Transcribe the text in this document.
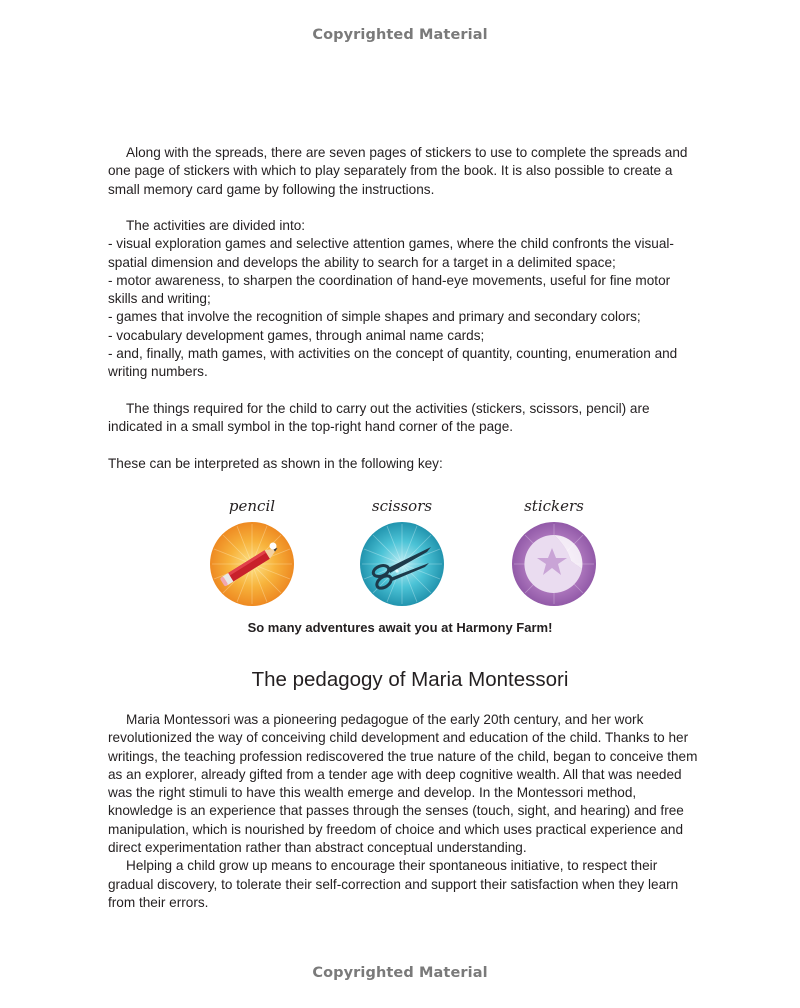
Copyrighted Material

Along with the spreads, there are seven pages of stickers to use to complete the spreads and one page of stickers with which to play separately from the book. It is also possible to create a small memory card game by following the instructions.

The activities are divided into:

- visual exploration games and selective attention games, where the child confronts the visual-spatial dimension and develops the ability to search for a target in a delimited space;

- motor awareness, to sharpen the coordination of hand-eye movements, useful for fine motor skills and writing;

- games that involve the recognition of simple shapes and primary and secondary colors;

- vocabulary development games, through animal name cards;

- and, finally, math games, with activities on the concept of quantity, counting, enumeration and writing numbers.

The things required for the child to carry out the activities (stickers, scissors, pencil) are indicated in a small symbol in the top-right hand corner of the page.

These can be interpreted as shown in the following key:

pencil	scissors	stickers
So many adventures await you at Harmony Farm!
The pedagogy of Maria Montessori

Maria Montessori was a pioneering pedagogue of the early 20th century, and her work revolutionized the way of conceiving child development and education of the child. Thanks to her writings, the teaching profession rediscovered the true nature of the child, began to conceive them as an explorer, already gifted from a tender age with deep cognitive wealth. All that was needed was the right stimuli to have this wealth emerge and develop. In the Montessori method, knowledge is an experience that passes through the senses (touch, sight, and hearing) and free manipulation, which is nourished by freedom of choice and which uses practical experience and direct experimentation rather than abstract conceptual understanding.

Helping a child grow up means to encourage their spontaneous initiative, to respect their gradual discovery, to tolerate their self-correction and support their satisfaction when they learn from their errors.

Copyrighted Material
